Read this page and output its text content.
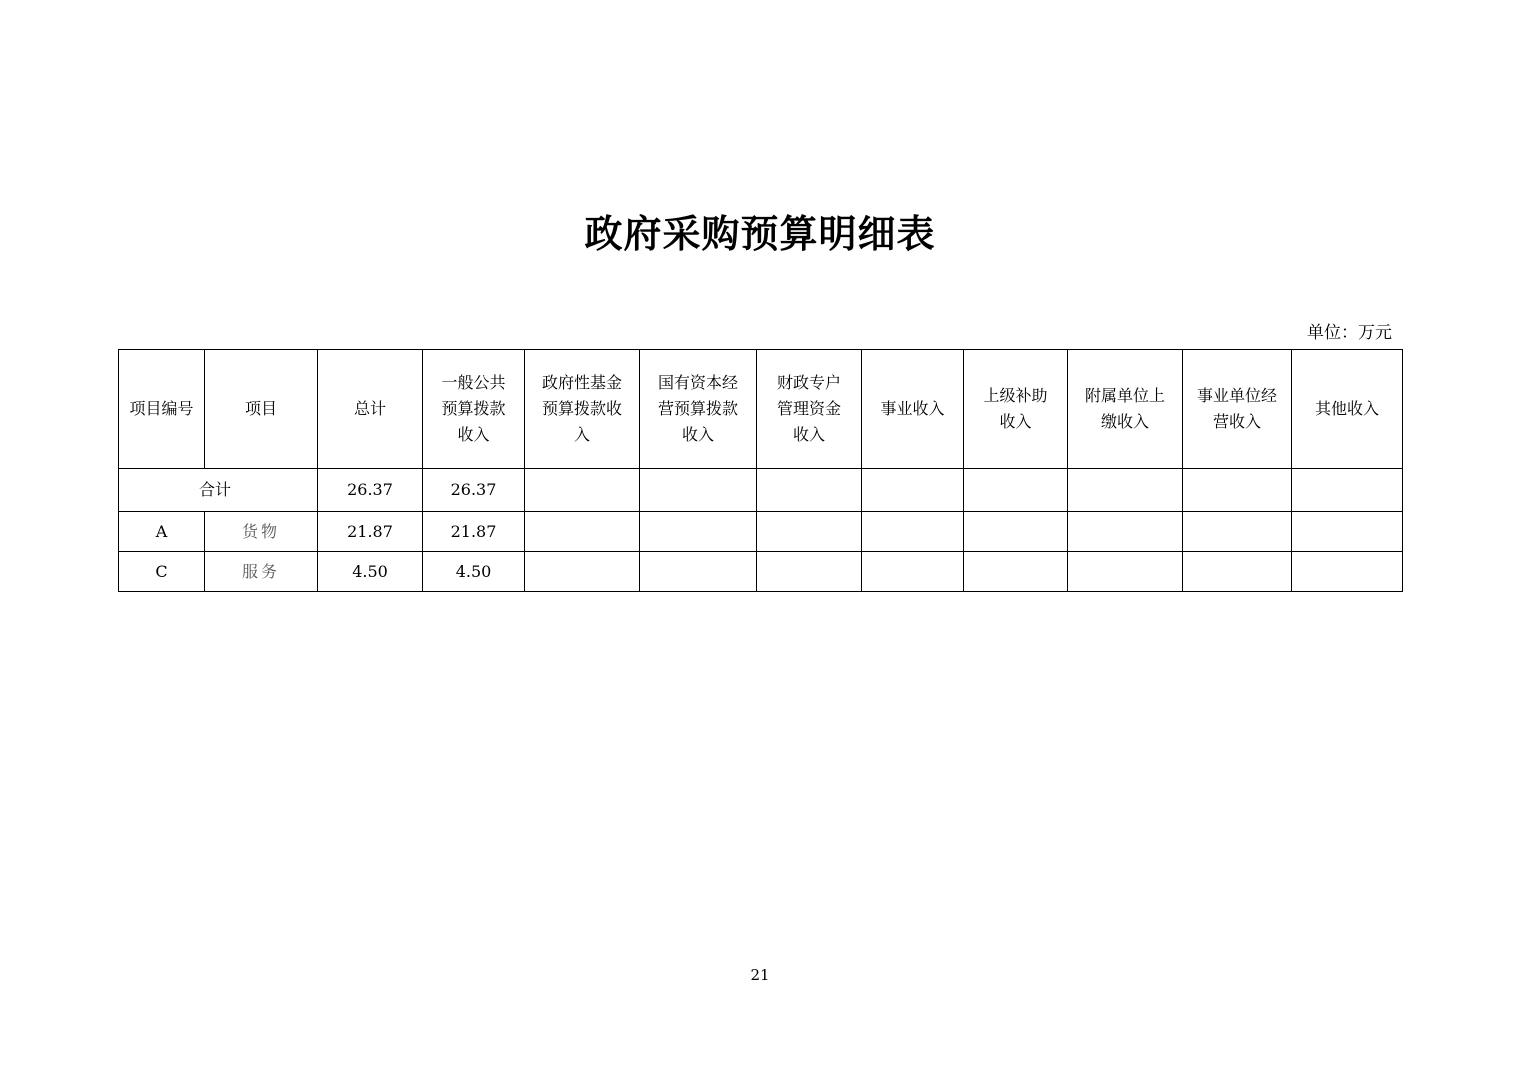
政府采购预算明细表
单位：万元
项目编号	项目	总计	一般公共预算拨款收入	政府性基金预算拨款收入	国有资本经营预算拨款收入	财政专户管理资金收入	事业收入	上级补助收入	附属单位上缴收入	事业单位经营收入	其他收入
合计		26.37	26.37								
A	货物	21.87	21.87								
C	服务	4.50	4.50								
21
